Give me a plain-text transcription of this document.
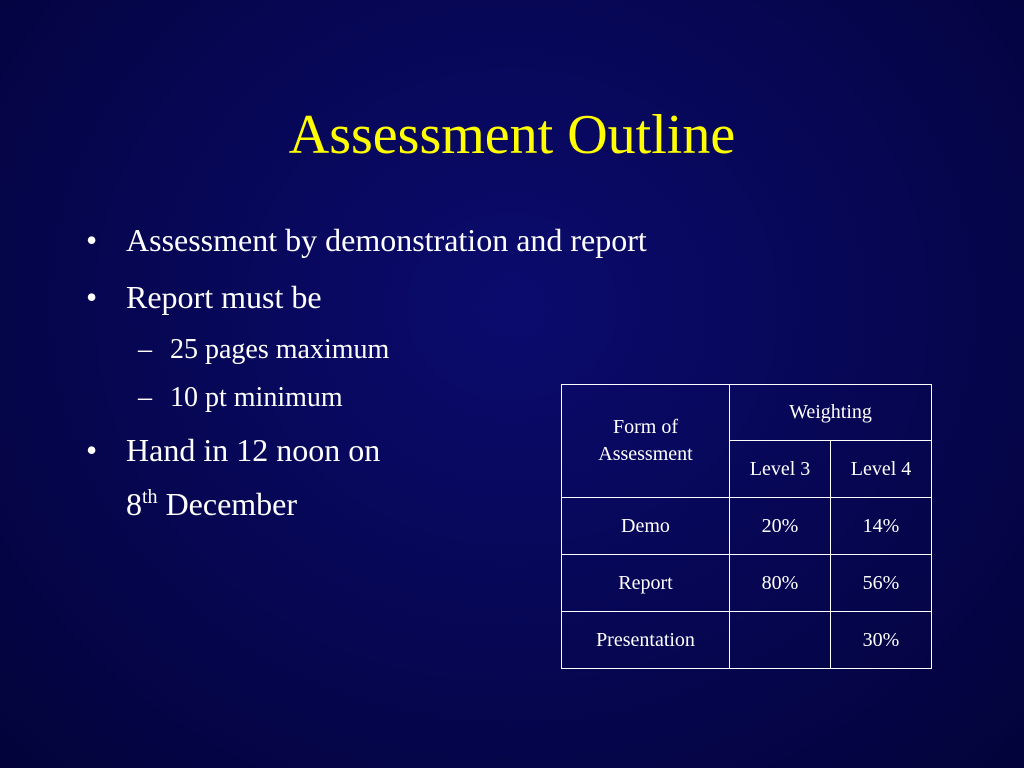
Assessment Outline
• Assessment by demonstration and report
• Report must be
– 25 pages maximum
– 10 pt minimum
• Hand in 12 noon on
8th December
Form of Assessment	Weighting	
	Level 3	Level 4
Demo	20%	14%
Report	80%	56%
Presentation		30%
